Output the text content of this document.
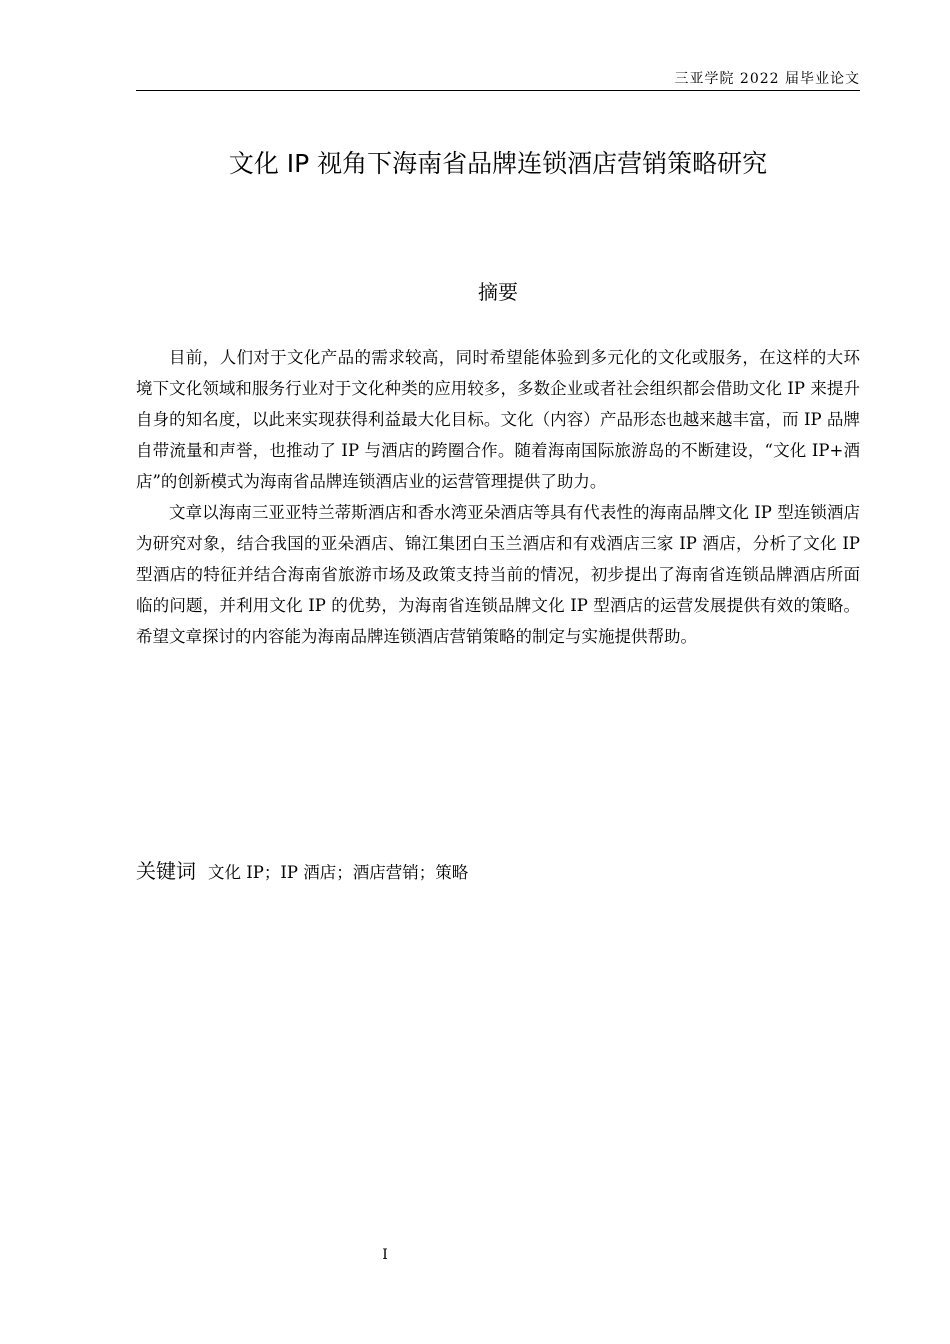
三亚学院 2022 届毕业论文
文化 IP 视角下海南省品牌连锁酒店营销策略研究
摘要

目前，人们对于文化产品的需求较高，同时希望能体验到多元化的文化或服务，在这样的大环境下文化领域和服务行业对于文化种类的应用较多，多数企业或者社会组织都会借助文化 IP 来提升自身的知名度，以此来实现获得利益最大化目标。文化（内容）产品形态也越来越丰富，而 IP 品牌自带流量和声誉，也推动了 IP 与酒店的跨圈合作。随着海南国际旅游岛的不断建设，“文化 IP+酒店”的创新模式为海南省品牌连锁酒店业的运营管理提供了助力。

文章以海南三亚亚特兰蒂斯酒店和香水湾亚朵酒店等具有代表性的海南品牌文化 IP 型连锁酒店为研究对象，结合我国的亚朵酒店、锦江集团白玉兰酒店和有戏酒店三家 IP 酒店，分析了文化 IP 型酒店的特征并结合海南省旅游市场及政策支持当前的情况，初步提出了海南省连锁品牌酒店所面临的问题，并利用文化 IP 的优势，为海南省连锁品牌文化 IP 型酒店的运营发展提供有效的策略。希望文章探讨的内容能为海南品牌连锁酒店营销策略的制定与实施提供帮助。

关键词 文化 IP；IP 酒店；酒店营销；策略
I
